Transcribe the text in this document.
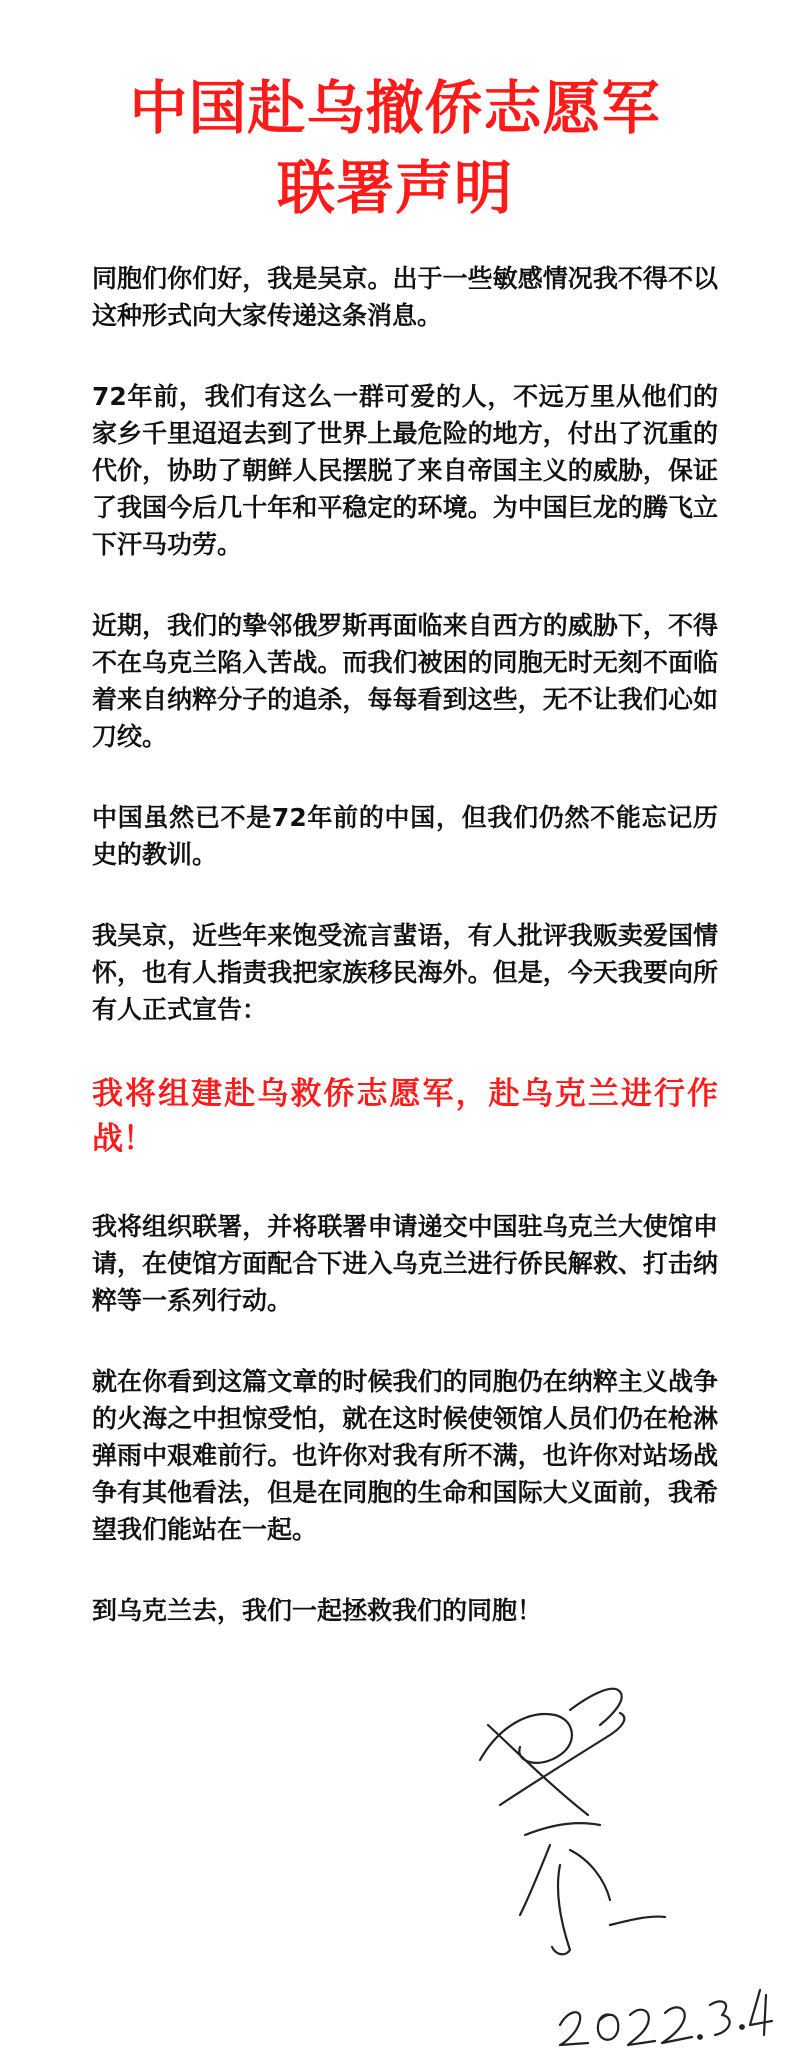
中国赴乌撤侨志愿军
联署声明

同胞们你们好，我是吴京。出于一些敏感情况我不得不以这种形式向大家传递这条消息。

72年前，我们有这么一群可爱的人，不远万里从他们的家乡千里迢迢去到了世界上最危险的地方，付出了沉重的代价，协助了朝鲜人民摆脱了来自帝国主义的威胁，保证了我国今后几十年和平稳定的环境。为中国巨龙的腾飞立下汗马功劳。

近期，我们的挚邻俄罗斯再面临来自西方的威胁下，不得不在乌克兰陷入苦战。而我们被困的同胞无时无刻不面临着来自纳粹分子的追杀，每每看到这些，无不让我们心如刀绞。

中国虽然已不是72年前的中国，但我们仍然不能忘记历史的教训。

我吴京，近些年来饱受流言蜚语，有人批评我贩卖爱国情怀，也有人指责我把家族移民海外。但是，今天我要向所有人正式宣告：

我将组建赴乌救侨志愿军，赴乌克兰进行作战！

我将组织联署，并将联署申请递交中国驻乌克兰大使馆申请，在使馆方面配合下进入乌克兰进行侨民解救、打击纳粹等一系列行动。

就在你看到这篇文章的时候我们的同胞仍在纳粹主义战争的火海之中担惊受怕，就在这时候使领馆人员们仍在枪淋弹雨中艰难前行。也许你对我有所不满，也许你对站场战争有其他看法，但是在同胞的生命和国际大义面前，我希望我们能站在一起。

到乌克兰去，我们一起拯救我们的同胞！
